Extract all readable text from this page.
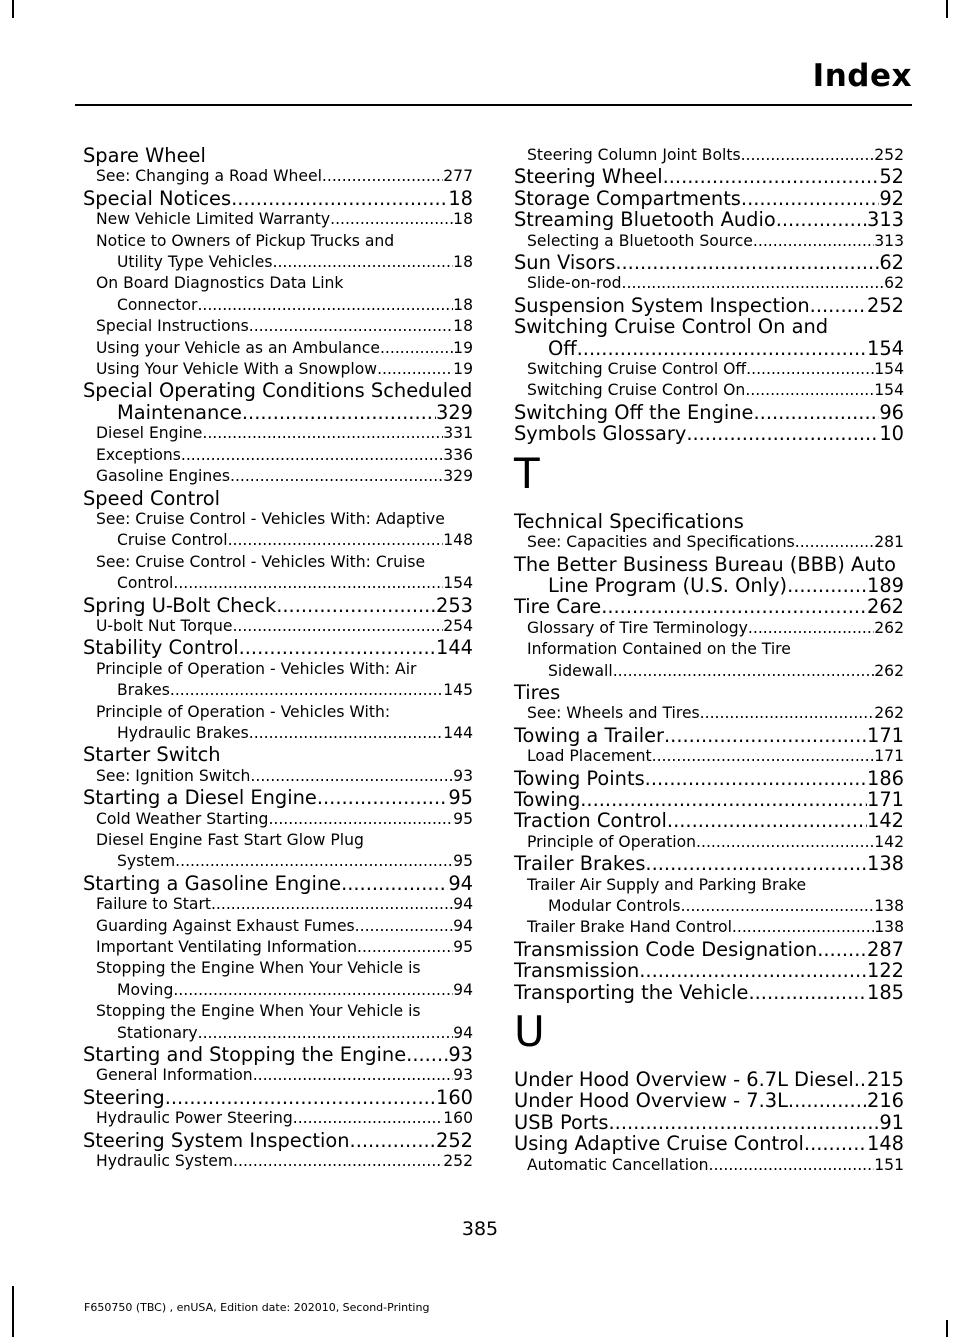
Index
Spare Wheel
See: Changing a Road Wheel .....	277
Special Notices .....	18
New Vehicle Limited Warranty .....	18
Notice to Owners of Pickup Trucks and
Utility Type Vehicles .....	18
On Board Diagnostics Data Link
Connector .....	18
Special Instructions .....	18
Using your Vehicle as an Ambulance .....	19
Using Your Vehicle With a Snowplow .....	19
Special Operating Conditions Scheduled
Maintenance .....	329
Diesel Engine .....	331
Exceptions .....	336
Gasoline Engines .....	329
Speed Control
See: Cruise Control - Vehicles With: Adaptive
Cruise Control .....	148
See: Cruise Control - Vehicles With: Cruise
Control .....	154
Spring U-Bolt Check .....	253
U-bolt Nut Torque .....	254
Stability Control .....	144
Principle of Operation - Vehicles With: Air
Brakes .....	145
Principle of Operation - Vehicles With:
Hydraulic Brakes .....	144
Starter Switch
See: Ignition Switch .....	93
Starting a Diesel Engine .....	95
Cold Weather Starting .....	95
Diesel Engine Fast Start Glow Plug
System .....	95
Starting a Gasoline Engine .....	94
Failure to Start .....	94
Guarding Against Exhaust Fumes .....	94
Important Ventilating Information .....	95
Stopping the Engine When Your Vehicle is
Moving .....	94
Stopping the Engine When Your Vehicle is
Stationary .....	94
Starting and Stopping the Engine ..... 93
General Information .....	93
Steering .....	160
Hydraulic Power Steering .....	160
Steering System Inspection .....	252
Hydraulic System .....	252
Steering Column Joint Bolts .....	252
Steering Wheel .....	52
Storage Compartments .....	92
Streaming Bluetooth Audio .....	313
Selecting a Bluetooth Source .....	313
Sun Visors .....	62
Slide-on-rod .....	62
Suspension System Inspection .....	252
Switching Cruise Control On and
Off .....	154
Switching Cruise Control Off .....	154
Switching Cruise Control On .....	154
Switching Off the Engine .....	96
Symbols Glossary .....	10
T
Technical Specifications
See: Capacities and Specifications .....	281
The Better Business Bureau (BBB) Auto
Line Program (U.S. Only) .....	189
Tire Care .....	262
Glossary of Tire Terminology .....	262
Information Contained on the Tire
Sidewall .....	262
Tires
See: Wheels and Tires .....	262
Towing a Trailer .....	171
Load Placement .....	171
Towing Points .....	186
Towing .....	171
Traction Control .....	142
Principle of Operation .....	142
Trailer Brakes .....	138
Trailer Air Supply and Parking Brake
Modular Controls .....	138
Trailer Brake Hand Control .....	138
Transmission Code Designation .....	287
Transmission .....	122
Transporting the Vehicle .....	185
U
Under Hood Overview - 6.7L Diesel ..... 215
Under Hood Overview - 7.3L .....	216
USB Ports .....	91
Using Adaptive Cruise Control .....	148
Automatic Cancellation .....	151
385
F650750 (TBC) , enUSA, Edition date: 202010, Second-Printing
